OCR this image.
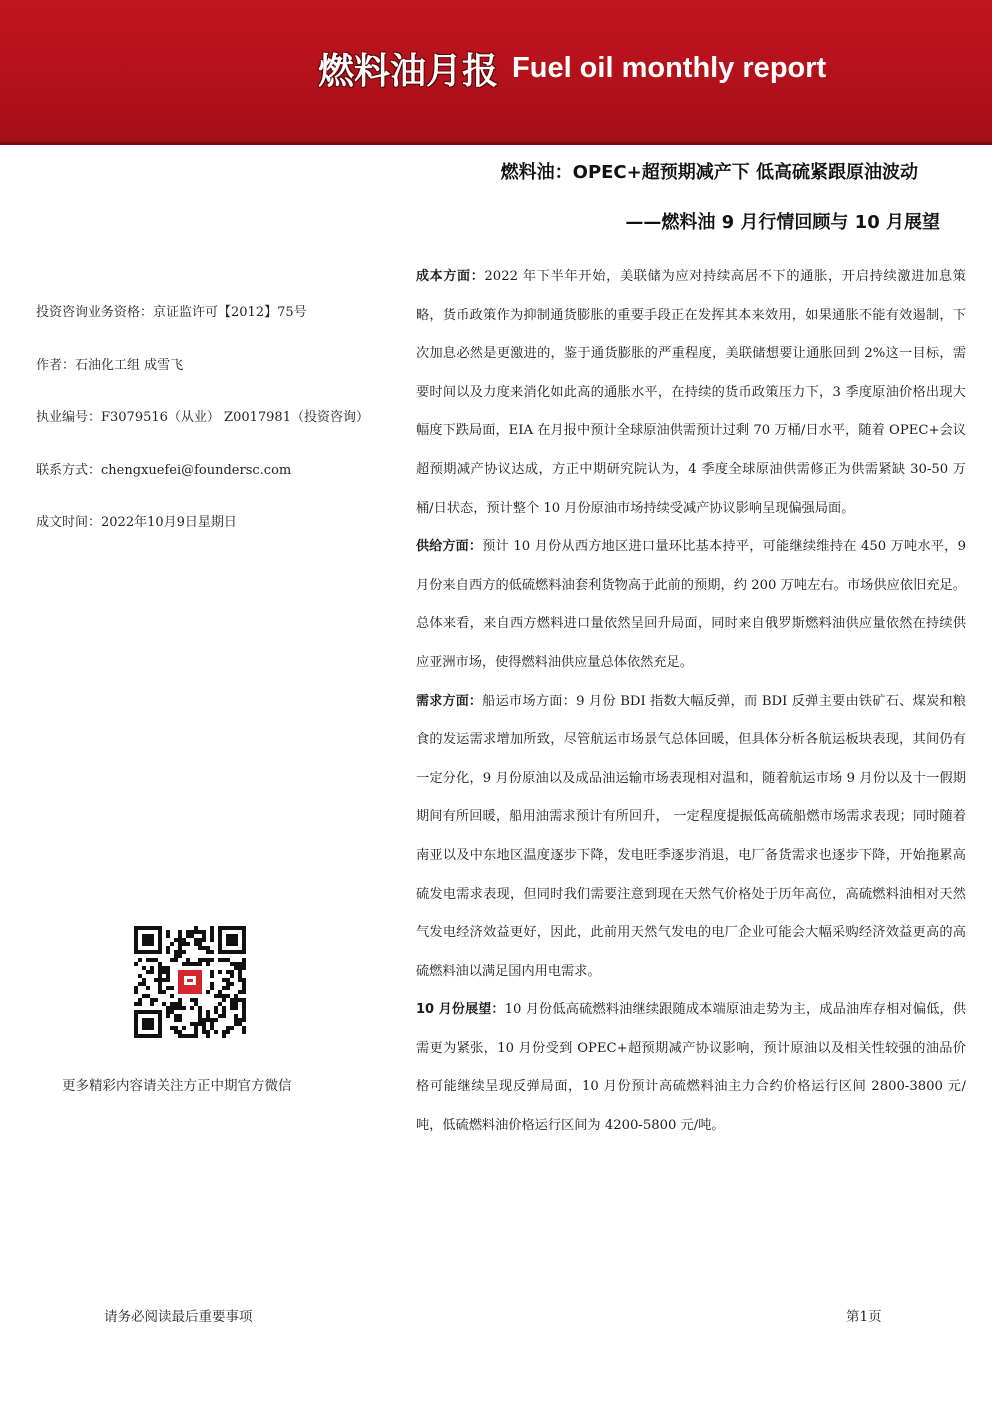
燃料油月报 Fuel oil monthly report
燃料油：OPEC+超预期减产下 低高硫紧跟原油波动
——燃料油 9 月行情回顾与 10 月展望
投资咨询业务资格：京证监许可【2012】75号
作者：石油化工组 成雪飞
执业编号：F3079516（从业） Z0017981（投资咨询）
联系方式：chengxuefei@foundersc.com
成文时间：2022年10月9日星期日
更多精彩内容请关注方正中期官方微信

成本方面：2022 年下半年开始，美联储为应对持续高居不下的通胀，开启持续激进加息策略，货币政策作为抑制通货膨胀的重要手段正在发挥其本来效用，如果通胀不能有效遏制，下次加息必然是更激进的，鉴于通货膨胀的严重程度，美联储想要让通胀回到 2%这一目标，需要时间以及力度来消化如此高的通胀水平，在持续的货币政策压力下，3 季度原油价格出现大幅度下跌局面，EIA 在月报中预计全球原油供需预计过剩 70 万桶/日水平，随着 OPEC+会议超预期减产协议达成，方正中期研究院认为，4 季度全球原油供需修正为供需紧缺 30-50 万桶/日状态，预计整个 10 月份原油市场持续受减产协议影响呈现偏强局面。

供给方面：预计 10 月份从西方地区进口量环比基本持平，可能继续维持在 450 万吨水平，9 月份来自西方的低硫燃料油套利货物高于此前的预期，约 200 万吨左右。市场供应依旧充足。总体来看，来自西方燃料进口量依然呈回升局面，同时来自俄罗斯燃料油供应量依然在持续供应亚洲市场，使得燃料油供应量总体依然充足。

需求方面：船运市场方面：9 月份 BDI 指数大幅反弹，而 BDI 反弹主要由铁矿石、煤炭和粮食的发运需求增加所致，尽管航运市场景气总体回暖，但具体分析各航运板块表现，其间仍有一定分化，9 月份原油以及成品油运输市场表现相对温和，随着航运市场 9 月份以及十一假期期间有所回暖，船用油需求预计有所回升， 一定程度提振低高硫船燃市场需求表现；同时随着南亚以及中东地区温度逐步下降，发电旺季逐步消退，电厂备货需求也逐步下降，开始拖累高硫发电需求表现，但同时我们需要注意到现在天然气价格处于历年高位，高硫燃料油相对天然气发电经济效益更好，因此，此前用天然气发电的电厂企业可能会大幅采购经济效益更高的高硫燃料油以满足国内用电需求。

10 月份展望：10 月份低高硫燃料油继续跟随成本端原油走势为主，成品油库存相对偏低，供需更为紧张，10 月份受到 OPEC+超预期减产协议影响，预计原油以及相关性较强的油品价格可能继续呈现反弹局面，10 月份预计高硫燃料油主力合约价格运行区间 2800-3800 元/吨，低硫燃料油价格运行区间为 4200-5800 元/吨。

请务必阅读最后重要事项	第1页
